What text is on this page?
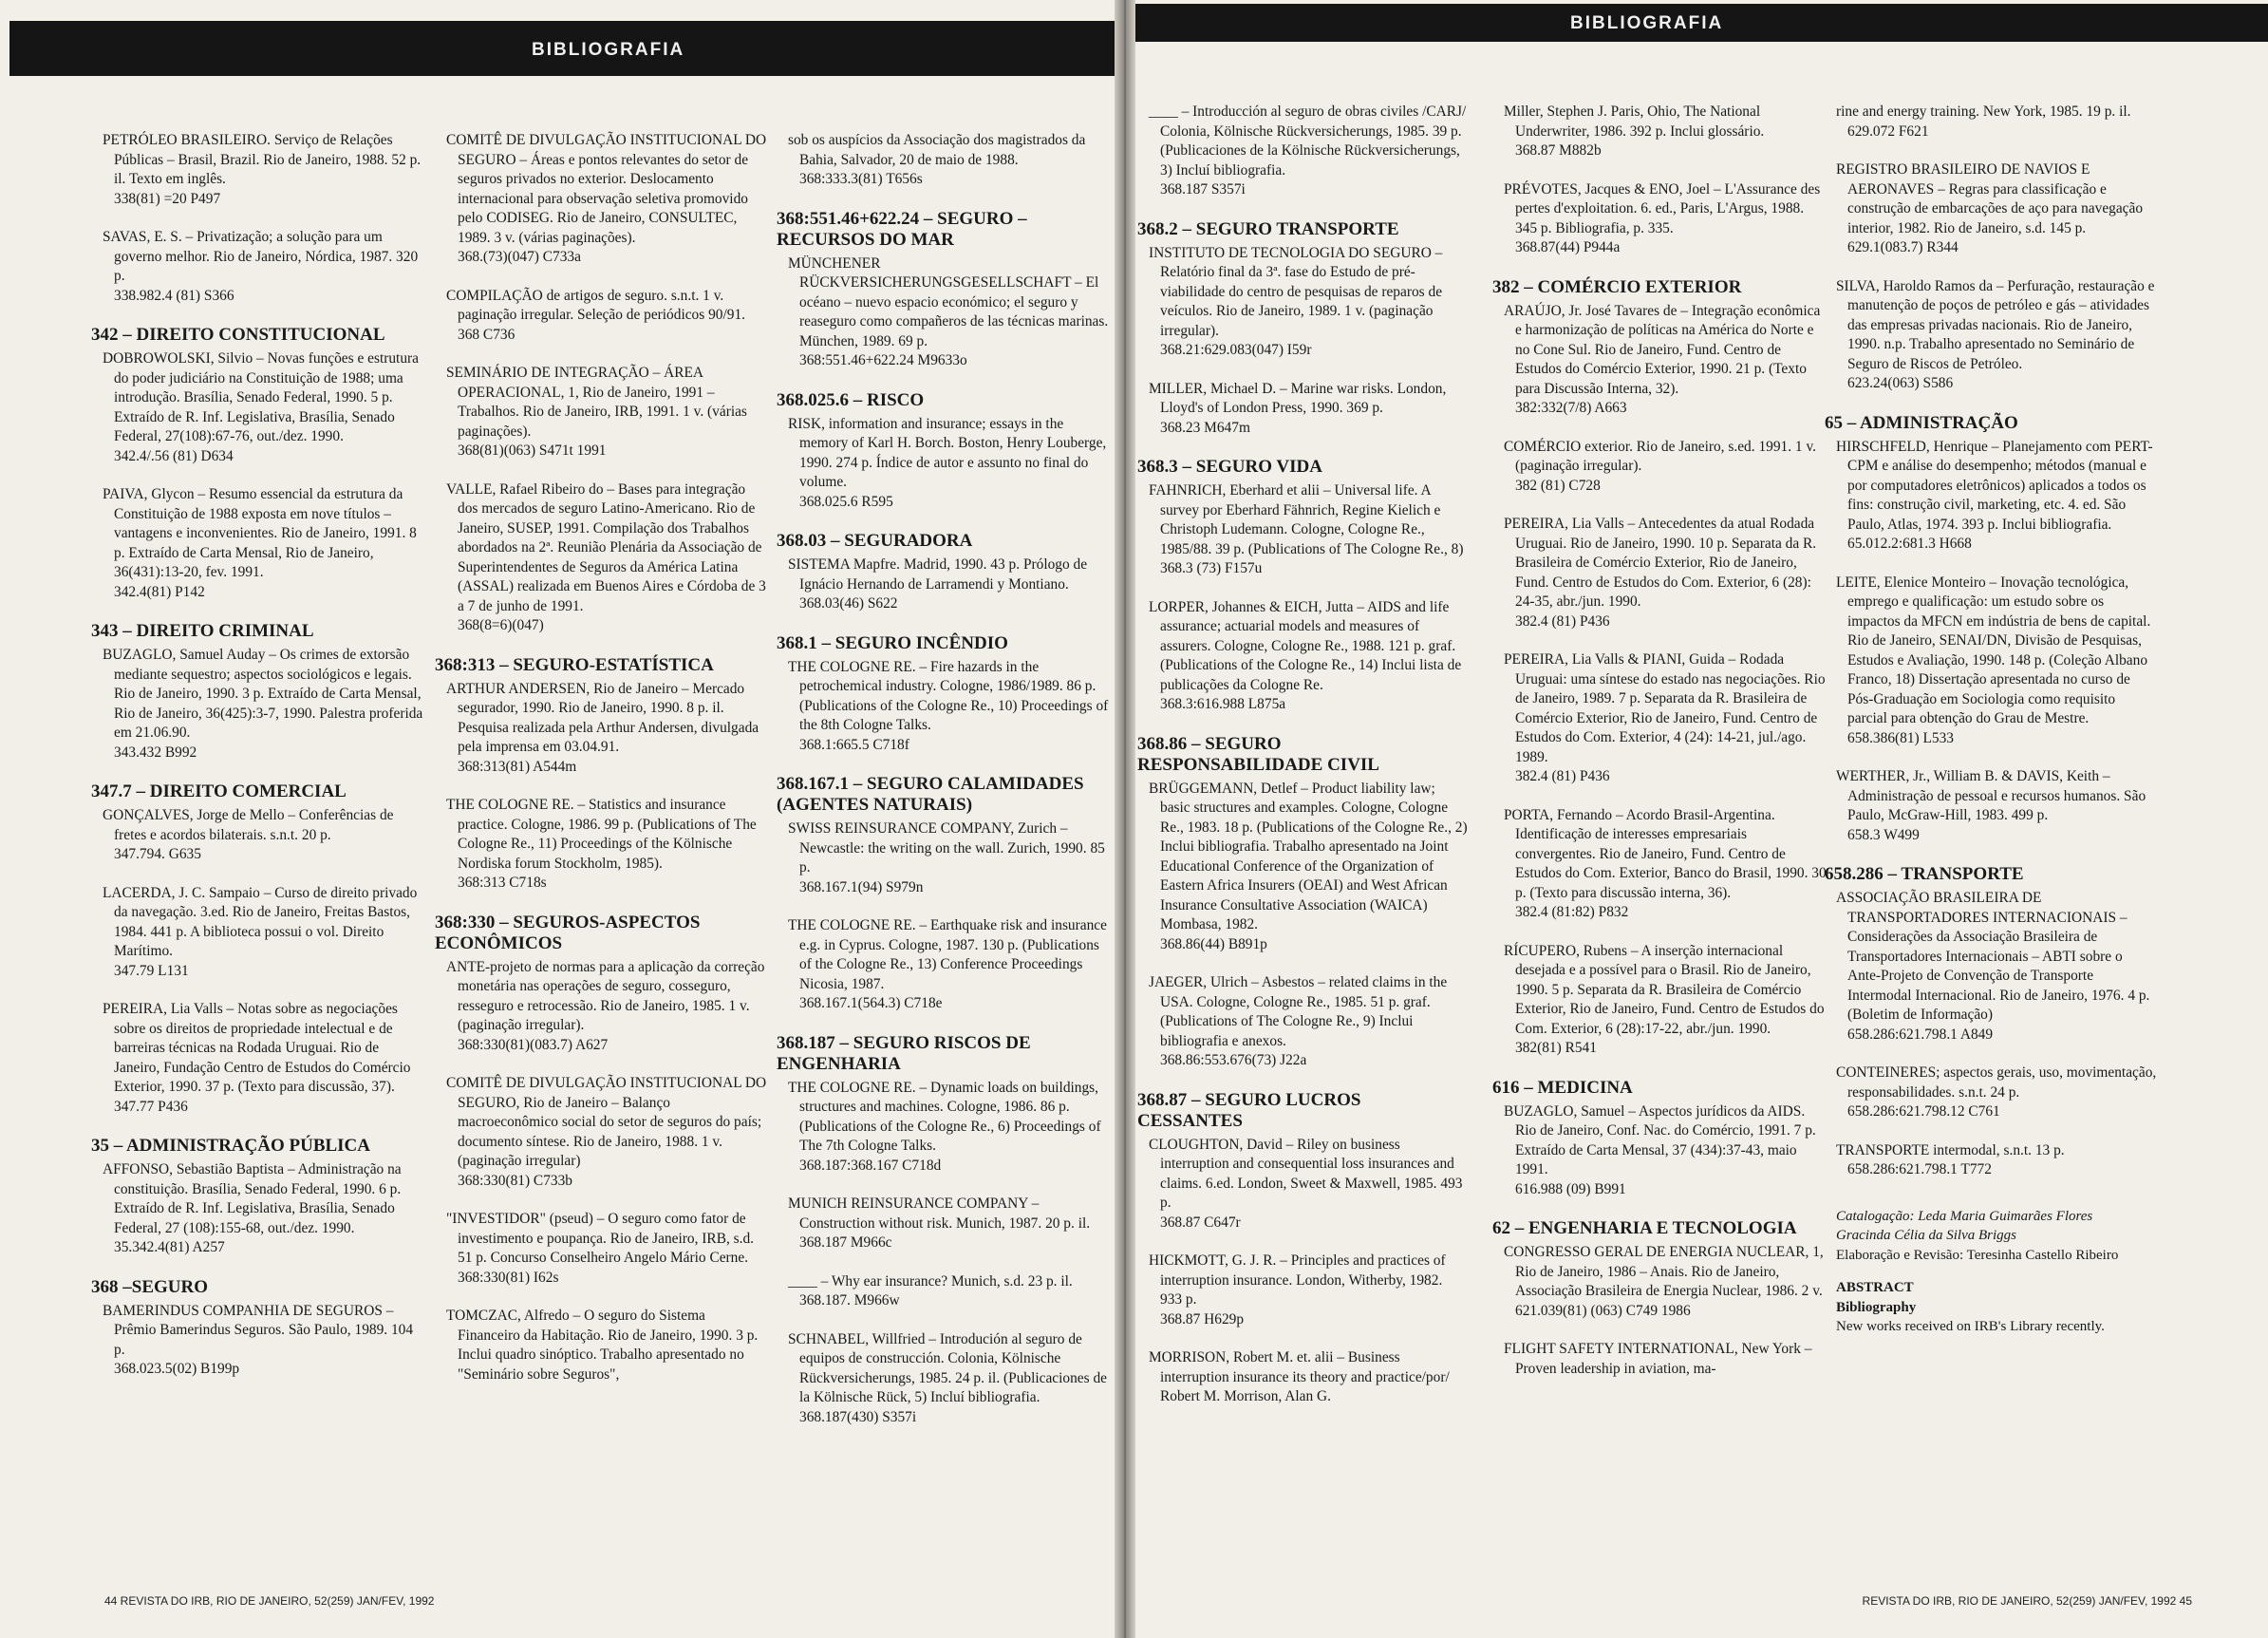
BIBLIOGRAFIA
PETRÓLEO BRASILEIRO. Serviço de Relações Públicas – Brasil, Brazil. Rio de Janeiro, 1988. 52 p. il. Texto em inglês.
338(81) =20 P497
SAVAS, E. S. – Privatização; a solução para um governo melhor. Rio de Janeiro, Nórdica, 1987. 320 p.
338.982.4 (81) S366
342 – DIREITO CONSTITUCIONAL
DOBROWOLSKI, Silvio – Novas funções e estrutura do poder judiciário na Constituição de 1988; uma introdução. Brasília, Senado Federal, 1990. 5 p. Extraído de R. Inf. Legislativa, Brasília, Senado Federal, 27(108):67-76, out./dez. 1990.
342.4/.56 (81) D634
PAIVA, Glycon – Resumo essencial da estrutura da Constituição de 1988 exposta em nove títulos – vantagens e inconvenientes. Rio de Janeiro, 1991. 8 p. Extraído de Carta Mensal, Rio de Janeiro, 36(431):13-20, fev. 1991.
342.4(81) P142
343 – DIREITO CRIMINAL
BUZAGLO, Samuel Auday – Os crimes de extorsão mediante sequestro; aspectos sociológicos e legais. Rio de Janeiro, 1990. 3 p. Extraído de Carta Mensal, Rio de Janeiro, 36(425):3-7, 1990. Palestra proferida em 21.06.90.
343.432 B992
347.7 – DIREITO COMERCIAL
GONÇALVES, Jorge de Mello – Conferências de fretes e acordos bilaterais. s.n.t. 20 p.
347.794. G635
LACERDA, J. C. Sampaio – Curso de direito privado da navegação. 3.ed. Rio de Janeiro, Freitas Bastos, 1984. 441 p. A biblioteca possui o vol. Direito Marítimo.
347.79 L131
PEREIRA, Lia Valls – Notas sobre as negociações sobre os direitos de propriedade intelectual e de barreiras técnicas na Rodada Uruguai. Rio de Janeiro, Fundação Centro de Estudos do Comércio Exterior, 1990. 37 p. (Texto para discussão, 37).
347.77 P436
35 – ADMINISTRAÇÃO PÚBLICA
AFFONSO, Sebastião Baptista – Administração na constituição. Brasília, Senado Federal, 1990. 6 p. Extraído de R. Inf. Legislativa, Brasília, Senado Federal, 27 (108):155-68, out./dez. 1990.
35.342.4(81) A257
368 –SEGURO
BAMERINDUS COMPANHIA DE SEGUROS – Prêmio Bamerindus Seguros. São Paulo, 1989. 104 p.
368.023.5(02) B199p
COMITÊ DE DIVULGAÇÃO INSTITUCIONAL DO SEGURO – Áreas e pontos relevantes do setor de seguros privados no exterior. Deslocamento internacional para observação seletiva promovido pelo CODISEG. Rio de Janeiro, CONSULTEC, 1989. 3 v. (várias paginações).
368.(73)(047) C733a
COMPILAÇÃO de artigos de seguro. s.n.t. 1 v. paginação irregular. Seleção de periódicos 90/91.
368 C736
SEMINÁRIO DE INTEGRAÇÃO – ÁREA OPERACIONAL, 1, Rio de Janeiro, 1991 – Trabalhos. Rio de Janeiro, IRB, 1991. 1 v. (várias paginações).
368(81)(063) S471t 1991
VALLE, Rafael Ribeiro do – Bases para integração dos mercados de seguro Latino-Americano. Rio de Janeiro, SUSEP, 1991. Compilação dos Trabalhos abordados na 2ª. Reunião Plenária da Associação de Superintendentes de Seguros da América Latina (ASSAL) realizada em Buenos Aires e Córdoba de 3 a 7 de junho de 1991.
368(8=6)(047)
368:313 – SEGURO-ESTATÍSTICA
ARTHUR ANDERSEN, Rio de Janeiro – Mercado segurador, 1990. Rio de Janeiro, 1990. 8 p. il. Pesquisa realizada pela Arthur Andersen, divulgada pela imprensa em 03.04.91.
368:313(81) A544m
THE COLOGNE RE. – Statistics and insurance practice. Cologne, 1986. 99 p. (Publications of The Cologne Re., 11) Proceedings of the Kölnische Nordiska forum Stockholm, 1985).
368:313 C718s
368:330 – SEGUROS-ASPECTOS ECONÔMICOS
ANTE-projeto de normas para a aplicação da correção monetária nas operações de seguro, cosseguro, resseguro e retrocessão. Rio de Janeiro, 1985. 1 v. (paginação irregular).
368:330(81)(083.7) A627
COMITÊ DE DIVULGAÇÃO INSTITUCIONAL DO SEGURO, Rio de Janeiro – Balanço macroeconômico social do setor de seguros do país; documento síntese. Rio de Janeiro, 1988. 1 v. (paginação irregular)
368:330(81) C733b
"INVESTIDOR" (pseud) – O seguro como fator de investimento e poupança. Rio de Janeiro, IRB, s.d. 51 p. Concurso Conselheiro Angelo Mário Cerne.
368:330(81) I62s
TOMCZAC, Alfredo – O seguro do Sistema Financeiro da Habitação. Rio de Janeiro, 1990. 3 p. Inclui quadro sinóptico. Trabalho apresentado no "Seminário sobre Seguros",
sob os auspícios da Associação dos magistrados da Bahia, Salvador, 20 de maio de 1988.
368:333.3(81) T656s
368:551.46+622.24 – SEGURO – RECURSOS DO MAR
MÜNCHENER RÜCKVERSICHERUNGSGESELLSCHAFT – El océano – nuevo espacio económico; el seguro y reaseguro como compañeros de las técnicas marinas. München, 1989. 69 p.
368:551.46+622.24 M9633o
368.025.6 – RISCO
RISK, information and insurance; essays in the memory of Karl H. Borch. Boston, Henry Louberge, 1990. 274 p. Índice de autor e assunto no final do volume.
368.025.6 R595
368.03 – SEGURADORA
SISTEMA Mapfre. Madrid, 1990. 43 p. Prólogo de Ignácio Hernando de Larramendi y Montiano.
368.03(46) S622
368.1 – SEGURO INCÊNDIO
THE COLOGNE RE. – Fire hazards in the petrochemical industry. Cologne, 1986/1989. 86 p. (Publications of the Cologne Re., 10) Proceedings of the 8th Cologne Talks.
368.1:665.5 C718f
368.167.1 – SEGURO CALAMIDADES (AGENTES NATURAIS)
SWISS REINSURANCE COMPANY, Zurich – Newcastle: the writing on the wall. Zurich, 1990. 85 p.
368.167.1(94) S979n
THE COLOGNE RE. – Earthquake risk and insurance e.g. in Cyprus. Cologne, 1987. 130 p. (Publications of the Cologne Re., 13) Conference Proceedings Nicosia, 1987.
368.167.1(564.3) C718e
368.187 – SEGURO RISCOS DE ENGENHARIA
THE COLOGNE RE. – Dynamic loads on buildings, structures and machines. Cologne, 1986. 86 p. (Publications of the Cologne Re., 6) Proceedings of The 7th Cologne Talks.
368.187:368.167 C718d
MUNICH REINSURANCE COMPANY – Construction without risk. Munich, 1987. 20 p. il.
368.187 M966c
____ – Why ear insurance? Munich, s.d. 23 p. il.
368.187. M966w
SCHNABEL, Willfried – Introdución al seguro de equipos de construcción. Colonia, Kölnische Rückversicherungs, 1985. 24 p. il. (Publicaciones de la Kölnische Rück, 5) Incluí bibliografia.
368.187(430) S357i
44 REVISTA DO IRB, RIO DE JANEIRO, 52(259) JAN/FEV, 1992
BIBLIOGRAFIA
____ – Introducción al seguro de obras civiles /CARJ/ Colonia, Kölnische Rückversicherungs, 1985. 39 p. (Publicaciones de la Kölnische Rückversicherungs, 3) Incluí bibliografia.
368.187 S357i
368.2 – SEGURO TRANSPORTE
INSTITUTO DE TECNOLOGIA DO SEGURO – Relatório final da 3ª. fase do Estudo de pré-viabilidade do centro de pesquisas de reparos de veículos. Rio de Janeiro, 1989. 1 v. (paginação irregular).
368.21:629.083(047) I59r
MILLER, Michael D. – Marine war risks. London, Lloyd's of London Press, 1990. 369 p.
368.23 M647m
368.3 – SEGURO VIDA
FAHNRICH, Eberhard et alii – Universal life. A survey por Eberhard Fähnrich, Regine Kielich e Christoph Ludemann. Cologne, Cologne Re., 1985/88. 39 p. (Publications of The Cologne Re., 8)
368.3 (73) F157u
LORPER, Johannes & EICH, Jutta – AIDS and life assurance; actuarial models and measures of assurers. Cologne, Cologne Re., 1988. 121 p. graf. (Publications of the Cologne Re., 14) Inclui lista de publicações da Cologne Re.
368.3:616.988 L875a
368.86 – SEGURO RESPONSABILIDADE CIVIL
BRÜGGEMANN, Detlef – Product liability law; basic structures and examples. Cologne, Cologne Re., 1983. 18 p. (Publications of the Cologne Re., 2) Inclui bibliografia. Trabalho apresentado na Joint Educational Conference of the Organization of Eastern Africa Insurers (OEAI) and West African Insurance Consultative Association (WAICA) Mombasa, 1982.
368.86(44) B891p
JAEGER, Ulrich – Asbestos – related claims in the USA. Cologne, Cologne Re., 1985. 51 p. graf. (Publications of The Cologne Re., 9) Inclui bibliografia e anexos.
368.86:553.676(73) J22a
368.87 – SEGURO LUCROS CESSANTES
CLOUGHTON, David – Riley on business interruption and consequential loss insurances and claims. 6.ed. London, Sweet & Maxwell, 1985. 493 p.
368.87 C647r
HICKMOTT, G. J. R. – Principles and practices of interruption insurance. London, Witherby, 1982. 933 p.
368.87 H629p
MORRISON, Robert M. et. alii – Business interruption insurance its theory and practice/por/ Robert M. Morrison, Alan G.
Miller, Stephen J. Paris, Ohio, The National Underwriter, 1986. 392 p. Inclui glossário.
368.87 M882b
PRÉVOTES, Jacques & ENO, Joel – L'Assurance des pertes d'exploitation. 6. ed., Paris, L'Argus, 1988. 345 p. Bibliografia, p. 335.
368.87(44) P944a
382 – COMÉRCIO EXTERIOR
ARAÚJO, Jr. José Tavares de – Integração econômica e harmonização de políticas na América do Norte e no Cone Sul. Rio de Janeiro, Fund. Centro de Estudos do Comércio Exterior, 1990. 21 p. (Texto para Discussão Interna, 32).
382:332(7/8) A663
COMÉRCIO exterior. Rio de Janeiro, s.ed. 1991. 1 v. (paginação irregular).
382 (81) C728
PEREIRA, Lia Valls – Antecedentes da atual Rodada Uruguai. Rio de Janeiro, 1990. 10 p. Separata da R. Brasileira de Comércio Exterior, Rio de Janeiro, Fund. Centro de Estudos do Com. Exterior, 6 (28): 24-35, abr./jun. 1990.
382.4 (81) P436
PEREIRA, Lia Valls & PIANI, Guida – Rodada Uruguai: uma síntese do estado nas negociações. Rio de Janeiro, 1989. 7 p. Separata da R. Brasileira de Comércio Exterior, Rio de Janeiro, Fund. Centro de Estudos do Com. Exterior, 4 (24): 14-21, jul./ago. 1989.
382.4 (81) P436
PORTA, Fernando – Acordo Brasil-Argentina. Identificação de interesses empresariais convergentes. Rio de Janeiro, Fund. Centro de Estudos do Com. Exterior, Banco do Brasil, 1990. 30 p. (Texto para discussão interna, 36).
382.4 (81:82) P832
RÍCUPERO, Rubens – A inserção internacional desejada e a possível para o Brasil. Rio de Janeiro, 1990. 5 p. Separata da R. Brasileira de Comércio Exterior, Rio de Janeiro, Fund. Centro de Estudos do Com. Exterior, 6 (28):17-22, abr./jun. 1990.
382(81) R541
616 – MEDICINA
BUZAGLO, Samuel – Aspectos jurídicos da AIDS. Rio de Janeiro, Conf. Nac. do Comércio, 1991. 7 p. Extraído de Carta Mensal, 37 (434):37-43, maio 1991.
616.988 (09) B991
62 – ENGENHARIA E TECNOLOGIA
CONGRESSO GERAL DE ENERGIA NUCLEAR, 1, Rio de Janeiro, 1986 – Anais. Rio de Janeiro, Associação Brasileira de Energia Nuclear, 1986. 2 v.
621.039(81) (063) C749 1986
FLIGHT SAFETY INTERNATIONAL, New York – Proven leadership in aviation, ma-
rine and energy training. New York, 1985. 19 p. il.
629.072 F621
REGISTRO BRASILEIRO DE NAVIOS E AERONAVES – Regras para classificação e construção de embarcações de aço para navegação interior, 1982. Rio de Janeiro, s.d. 145 p.
629.1(083.7) R344
SILVA, Haroldo Ramos da – Perfuração, restauração e manutenção de poços de petróleo e gás – atividades das empresas privadas nacionais. Rio de Janeiro, 1990. n.p. Trabalho apresentado no Seminário de Seguro de Riscos de Petróleo.
623.24(063) S586
65 – ADMINISTRAÇÃO
HIRSCHFELD, Henrique – Planejamento com PERT-CPM e análise do desempenho; métodos (manual e por computadores eletrônicos) aplicados a todos os fins: construção civil, marketing, etc. 4. ed. São Paulo, Atlas, 1974. 393 p. Inclui bibliografia.
65.012.2:681.3 H668
LEITE, Elenice Monteiro – Inovação tecnológica, emprego e qualificação: um estudo sobre os impactos da MFCN em indústria de bens de capital. Rio de Janeiro, SENAI/DN, Divisão de Pesquisas, Estudos e Avaliação, 1990. 148 p. (Coleção Albano Franco, 18) Dissertação apresentada no curso de Pós-Graduação em Sociologia como requisito parcial para obtenção do Grau de Mestre.
658.386(81) L533
WERTHER, Jr., William B. & DAVIS, Keith – Administração de pessoal e recursos humanos. São Paulo, McGraw-Hill, 1983. 499 p.
658.3 W499
658.286 – TRANSPORTE
ASSOCIAÇÃO BRASILEIRA DE TRANSPORTADORES INTERNACIONAIS – Considerações da Associação Brasileira de Transportadores Internacionais – ABTI sobre o Ante-Projeto de Convenção de Transporte Intermodal Internacional. Rio de Janeiro, 1976. 4 p. (Boletim de Informação)
658.286:621.798.1 A849
CONTEINERES; aspectos gerais, uso, movimentação, responsabilidades. s.n.t. 24 p.
658.286:621.798.12 C761
TRANSPORTE intermodal, s.n.t. 13 p.
658.286:621.798.1 T772
Catalogação: Leda Maria Guimarães Flores
Gracinda Célia da Silva Briggs
Elaboração e Revisão: Teresinha Castello Ribeiro
ABSTRACT
Bibliography
New works received on IRB's Library recently.
REVISTA DO IRB, RIO DE JANEIRO, 52(259) JAN/FEV, 1992 45
